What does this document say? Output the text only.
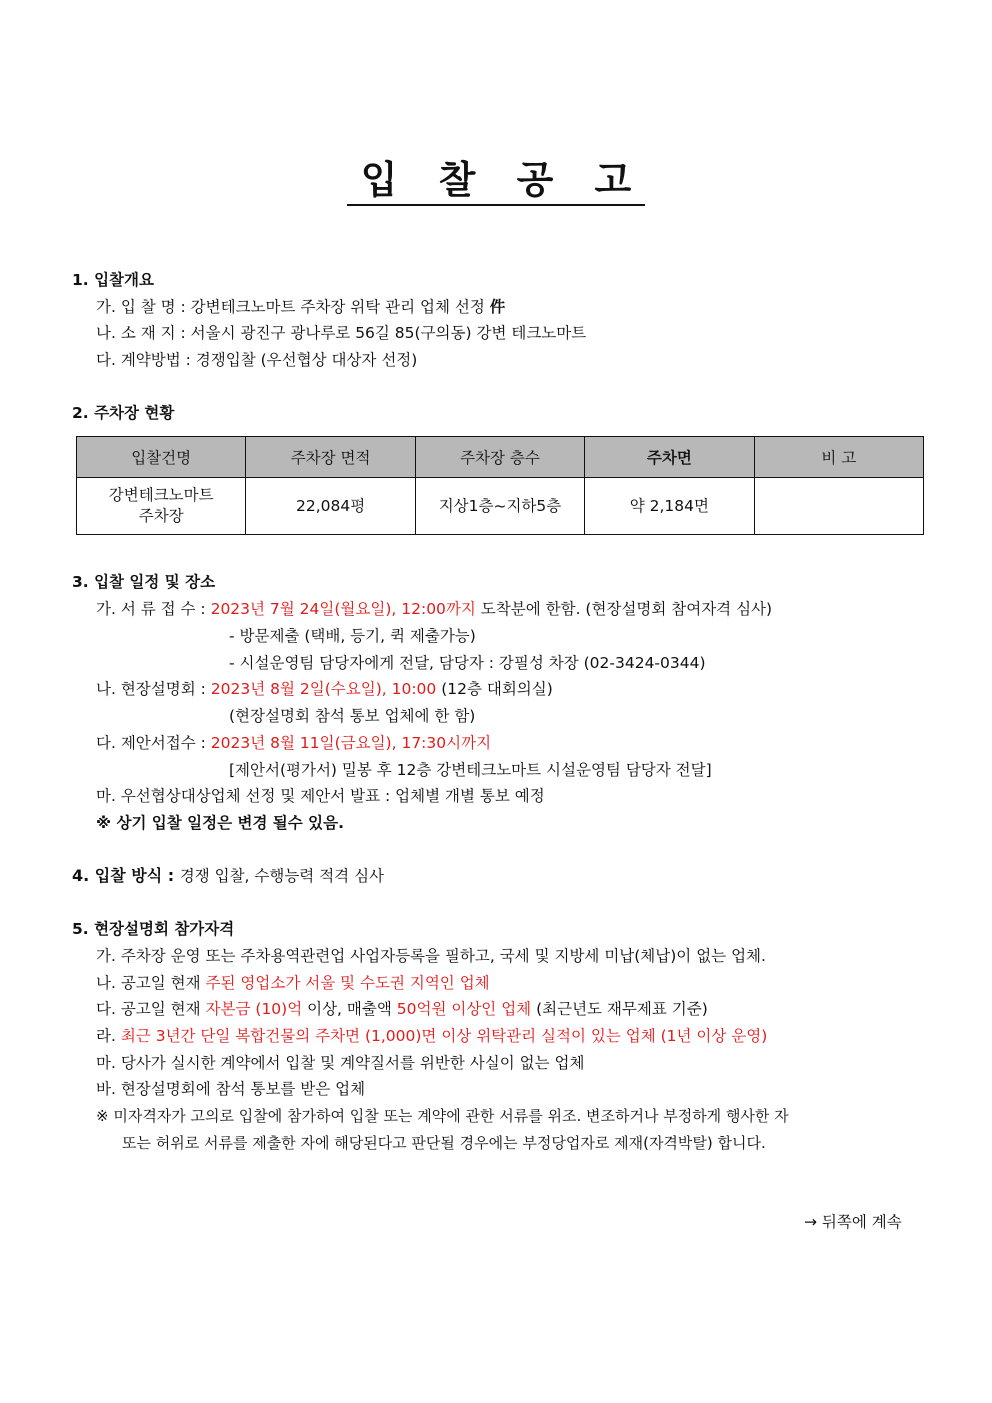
입 찰 공 고
1. 입찰개요
가. 입 찰 명 : 강변테크노마트 주차장 위탁 관리 업체 선정 件
나. 소 재 지 : 서울시 광진구 광나루로 56길 85(구의동) 강변 테크노마트
다. 계약방법 : 경쟁입찰 (우선협상 대상자 선정)
2. 주차장 현황
입찰건명	주차장 면적	주차장 층수	주차면	비 고
강변테크노마트
주차장	22,084평	지상1층~지하5층	약 2,184면	
3. 입찰 일정 및 장소
가. 서 류 접 수 : 2023년 7월 24일(월요일), 12:00까지 도착분에 한함. (현장설명회 참여자격 심사)
- 방문제출 (택배, 등기, 퀵 제출가능)
- 시설운영팀 담당자에게 전달, 담당자 : 강필성 차장 (02-3424-0344)
나. 현장설명회 : 2023년 8월 2일(수요일), 10:00 (12층 대회의실)
(현장설명회 참석 통보 업체에 한 함)
다. 제안서접수 : 2023년 8월 11일(금요일), 17:30시까지
[제안서(평가서) 밀봉 후 12층 강변테크노마트 시설운영팀 담당자 전달]
마. 우선협상대상업체 선정 및 제안서 발표 : 업체별 개별 통보 예정
※ 상기 입찰 일정은 변경 될수 있음.
4. 입찰 방식 : 경쟁 입찰, 수행능력 적격 심사
5. 현장설명회 참가자격
가. 주차장 운영 또는 주차용역관련업 사업자등록을 필하고, 국세 및 지방세 미납(체납)이 없는 업체.
나. 공고일 현재 주된 영업소가 서울 및 수도권 지역인 업체
다. 공고일 현재 자본금 (10)억 이상, 매출액 50억원 이상인 업체 (최근년도 재무제표 기준)
라. 최근 3년간 단일 복합건물의 주차면 (1,000)면 이상 위탁관리 실적이 있는 업체 (1년 이상 운영)
마. 당사가 실시한 계약에서 입찰 및 계약질서를 위반한 사실이 없는 업체
바. 현장설명회에 참석 통보를 받은 업체
※ 미자격자가 고의로 입찰에 참가하여 입찰 또는 계약에 관한 서류를 위조. 변조하거나 부정하게 행사한 자
또는 허위로 서류를 제출한 자에 해당된다고 판단될 경우에는 부정당업자로 제재(자격박탈) 합니다.
→ 뒤쪽에 계속
